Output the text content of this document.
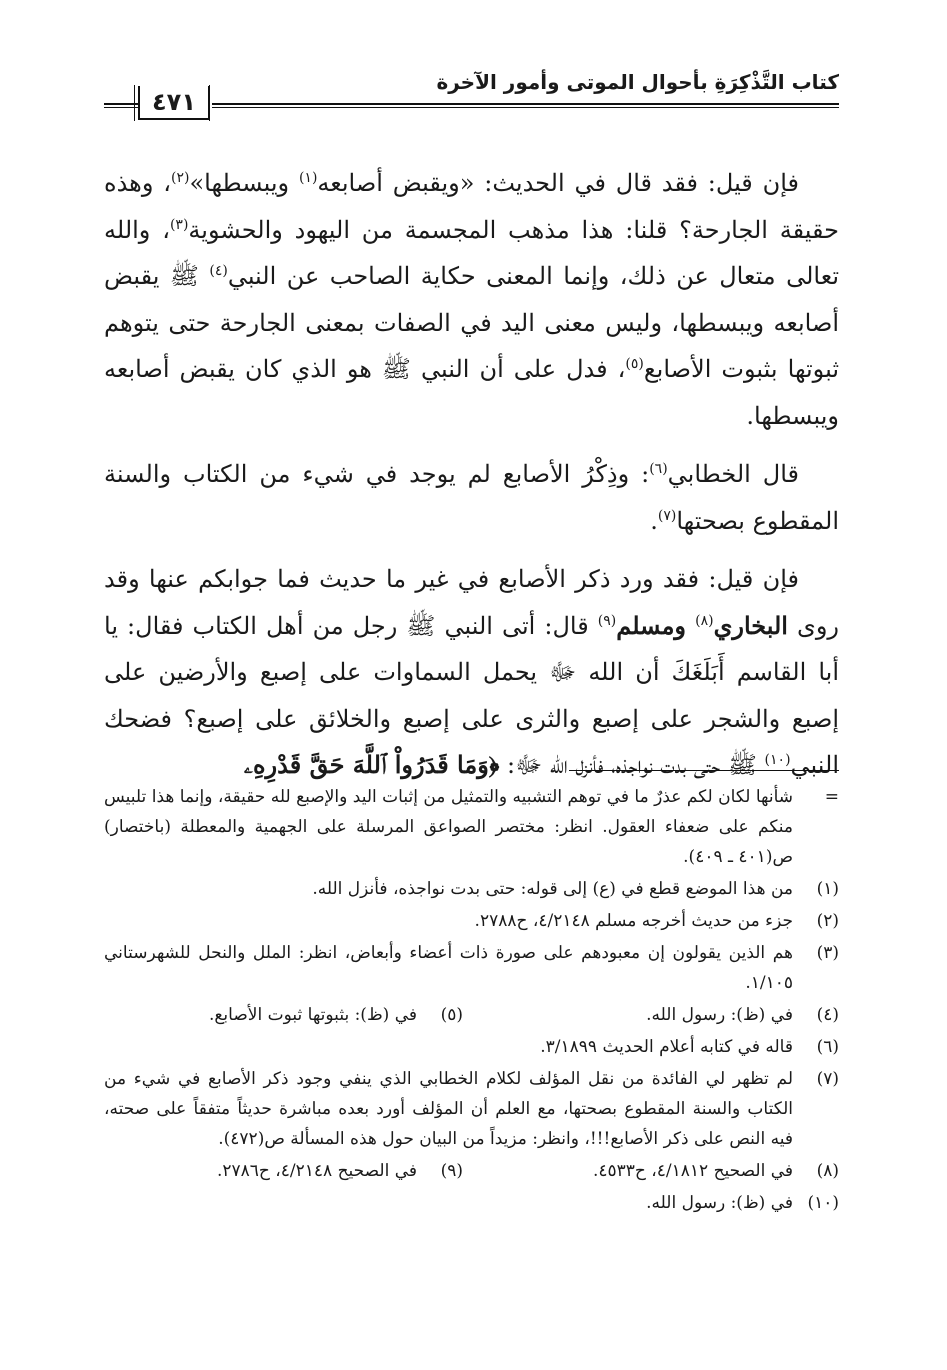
كتاب التَّذْكِرَةِ بأحوال الموتى وأمور الآخرة
٤٧١

فإن قيل: فقد قال في الحديث: «ويقبض أصابعه$^{(١)}$ ويبسطها»$^{(٢)}$، وهذه حقيقة الجارحة؟ قلنا: هذا مذهب المجسمة من اليهود والحشوية$^{(٣)}$، والله تعالى متعال عن ذلك، وإنما المعنى حكاية الصاحب عن النبي$^{(٤)}$ ﷺ يقبض أصابعه ويبسطها، وليس معنى اليد في الصفات بمعنى الجارحة حتى يتوهم ثبوتها بثبوت الأصابع$^{(٥)}$، فدل على أن النبي ﷺ هو الذي كان يقبض أصابعه ويبسطها.

قال الخطابي$^{(٦)}$: وذِكْرُ الأصابع لم يوجد في شيء من الكتاب والسنة المقطوع بصحتها$^{(٧)}$.

فإن قيل: فقد ورد ذكر الأصابع في غير ما حديث فما جوابكم عنها وقد روى البخاري$^{(٨)}$ ومسلم$^{(٩)}$ قال: أتى النبي ﷺ رجل من أهل الكتاب فقال: يا أبا القاسم أَبَلَغَكَ أن الله ﷻ يحمل السماوات على إصبع والأرضين على إصبع والشجر على إصبع والثرى على إصبع والخلائق على إصبع؟ فضحك النبي$^{(١٠)}$ ﷺ حتى بدت نواجذه، فأنزل الله ﷻ: ﴿وَمَا قَدَرُواْ ٱللَّهَ حَقَّ قَدْرِهِۦ

=
شأنها لكان لكم عذرٌ ما في توهم التشبيه والتمثيل من إثبات اليد والإصبع لله حقيقة، وإنما هذا تلبيس منكم على ضعفاء العقول. انظر: مختصر الصواعق المرسلة على الجهمية والمعطلة (باختصار) ص(٤٠١ ـ ٤٠٩).
(١)
من هذا الموضع قطع في (ع) إلى قوله: حتى بدت نواجذه، فأنزل الله.
(٢)
جزء من حديث أخرجه مسلم ٤/٢١٤٨، ح٢٧٨٨.
(٣)
هم الذين يقولون إن معبودهم على صورة ذات أعضاء وأبعاض، انظر: الملل والنحل للشهرستاني ١/١٠٥.
(٤)
في (ظ): رسول الله.
(٥)
في (ظ): بثبوتها ثبوت الأصابع.
(٦)
قاله في كتابه أعلام الحديث ٣/١٨٩٩.
(٧)
لم تظهر لي الفائدة من نقل المؤلف لكلام الخطابي الذي ينفي وجود ذكر الأصابع في شيء من الكتاب والسنة المقطوع بصحتها، مع العلم أن المؤلف أورد بعده مباشرة حديثاً متفقاً على صحته، فيه النص على ذكر الأصابع!!!، وانظر: مزيداً من البيان حول هذه المسألة ص(٤٧٢).
(٨)
في الصحيح ٤/١٨١٢، ح٤٥٣٣.
(٩)
في الصحيح ٤/٢١٤٨، ح٢٧٨٦.
(١٠)
في (ظ): رسول الله.
